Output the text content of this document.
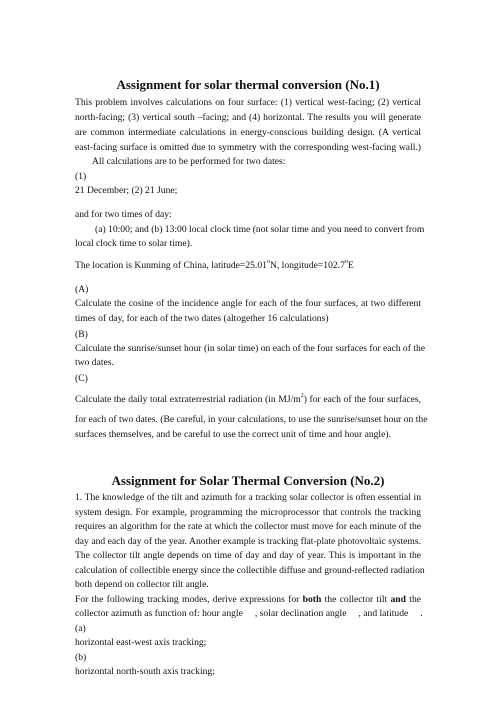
Assignment for solar thermal conversion (No.1)
This problem involves calculations on four surface: (1) vertical west-facing; (2) vertical
north-facing; (3) vertical south –facing; and (4) horizontal. The results you will generate
are common intermediate calculations in energy-conscious building design. (A vertical
east-facing surface is omitted due to symmetry with the corresponding west-facing wall.)
All calculations are to be performed for two dates:
(1)
21 December; (2) 21 June;
and for two times of day:
(a) 10:00; and (b) 13:00 local clock time (not solar time and you need to convert from
local clock time to solar time).
The location is Kunming of China, $latitude=25.01^oN$, $longitude=102.7^oE$
(A)
Calculate the cosine of the incidence angle for each of the four surfaces, at two different
times of day, for each of the two dates (altogether 16 calculations)
(B)
Calculate the sunrise/sunset hour (in solar time) on each of the four surfaces for each of the
two dates.
(C)
Calculate the daily total extraterrestrial radiation (in $MJ/m^2$) for each of the four surfaces,
for each of two dates. (Be careful, in your calculations, to use the sunrise/sunset hour on the
surfaces themselves, and be careful to use the correct unit of time and hour angle).
Assignment for Solar Thermal Conversion (No.2)
1. The knowledge of the tilt and azimuth for a tracking solar collector is often essential in
system design. For example, programming the microprocessor that controls the tracking
requires an algorithm for the rate at which the collector must move for each minute of the
day and each day of the year. Another example is tracking flat-plate photovoltaic systems.
The collector tilt angle depends on time of day and day of year. This is important in the
calculation of collectible energy since the collectible diffuse and ground-reflected radiation
both depend on collector tilt angle.
For the following tracking modes, derive expressions for both the collector tilt and the
collector azimuth as function of: hour angle     , solar declination angle     , and latitude     .
(a)
horizontal east-west axis tracking;
(b)
horizontal north-south axis tracking;
